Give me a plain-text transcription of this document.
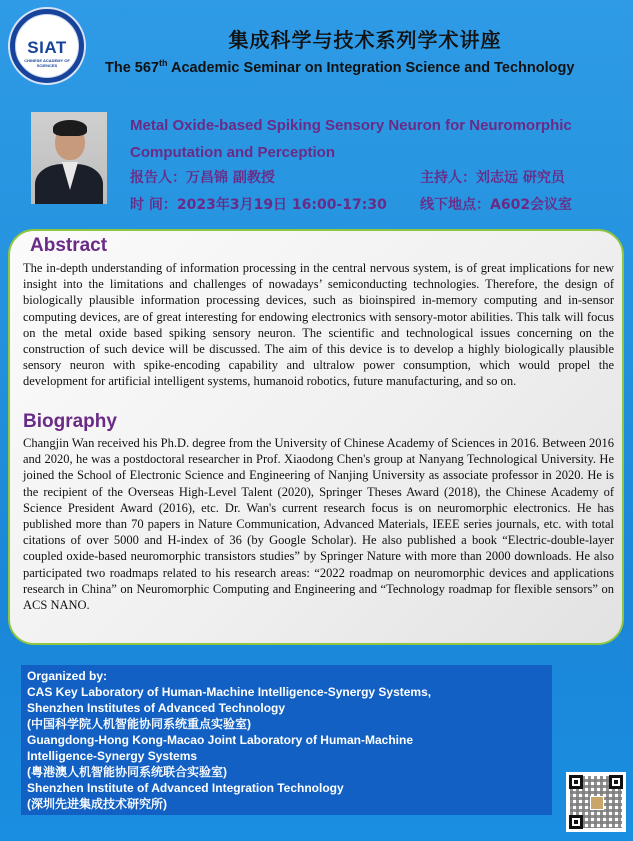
SIAT
CHINESE ACADEMY OF SCIENCES
集成科学与技术系列学术讲座
The 567th Academic Seminar on Integration Science and Technology
Metal Oxide-based Spiking Sensory Neuron for Neuromorphic Computation and Perception
报告人：万昌锦 副教授	主持人：刘志远 研究员
时 间：2023年3月19日 16:00-17:30 线下地点：A602会议室
Abstract

The in-depth understanding of information processing in the central nervous system, is of great implications for new insight into the limitations and challenges of nowadays’ semiconducting technologies. Therefore, the design of biologically plausible information processing devices, such as bioinspired in-memory computing and in-sensor computing devices, are of great interesting for endowing electronics with sensory-motor abilities. This talk will focus on the metal oxide based spiking sensory neuron. The scientific and technological issues concerning on the construction of such device will be discussed. The aim of this device is to develop a highly biologically plausible sensory neuron with spike-encoding capability and ultralow power consumption, which would propel the development for artificial intelligent systems, humanoid robotics, future manufacturing, and so on.

Biography

Changjin Wan received his Ph.D. degree from the University of Chinese Academy of Sciences in 2016. Between 2016 and 2020, he was a postdoctoral researcher in Prof. Xiaodong Chen's group at Nanyang Technological University. He joined the School of Electronic Science and Engineering of Nanjing University as associate professor in 2020. He is the recipient of the Overseas High-Level Talent (2020), Springer Theses Award (2018), the Chinese Academy of Science President Award (2016), etc. Dr. Wan's current research focus is on neuromorphic electronics. He has published more than 70 papers in Nature Communication, Advanced Materials, IEEE series journals, etc. with total citations of over 5000 and H-index of 36 (by Google Scholar). He also published a book “Electric-double-layer coupled oxide-based neuromorphic transistors studies” by Springer Nature with more than 2000 downloads. He also participated two roadmaps related to his research areas: “2022 roadmap on neuromorphic devices and applications research in China” on Neuromorphic Computing and Engineering and “Technology roadmap for flexible sensors” on ACS NANO.

Organized by:
CAS Key Laboratory of Human-Machine Intelligence-Synergy Systems,
Shenzhen Institutes of Advanced Technology
(中国科学院人机智能协同系统重点实验室)
Guangdong-Hong Kong-Macao Joint Laboratory of Human-Machine
Intelligence-Synergy Systems
(粤港澳人机智能协同系统联合实验室)
Shenzhen Institute of Advanced Integration Technology
(深圳先进集成技术研究所)
